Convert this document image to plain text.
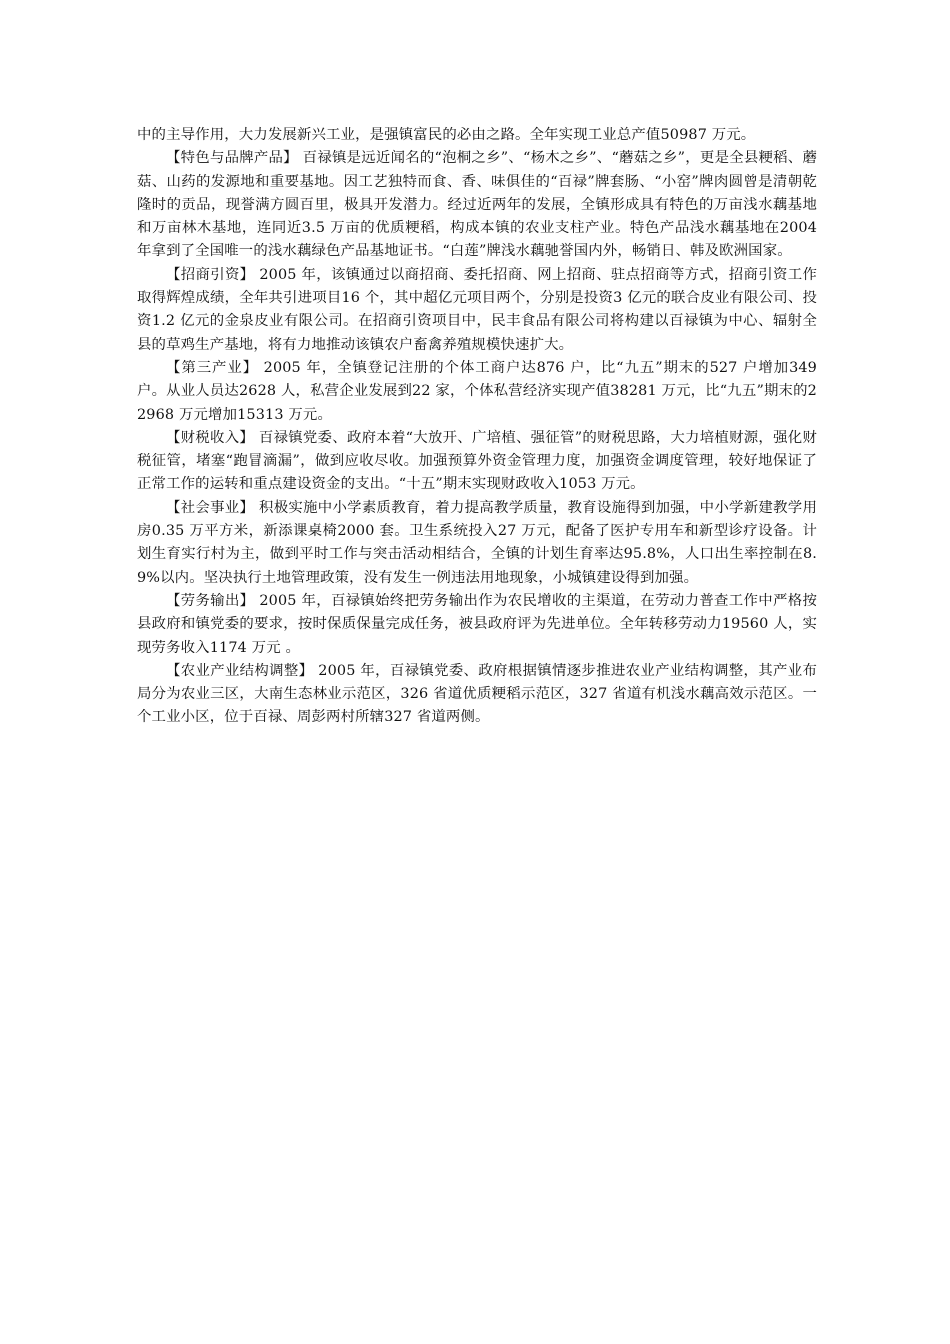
中的主导作用，大力发展新兴工业，是强镇富民的必由之路。全年实现工业总产值50987 万元。

【特色与品牌产品】 百禄镇是远近闻名的“泡桐之乡”、“杨木之乡”、“蘑菇之乡”，更是全县粳稻、蘑菇、山药的发源地和重要基地。因工艺独特而食、香、味俱佳的“百禄”牌套肠、“小窑”牌肉圆曾是清朝乾隆时的贡品，现誉满方圆百里，极具开发潜力。经过近两年的发展，全镇形成具有特色的万亩浅水藕基地和万亩林木基地，连同近3.5 万亩的优质粳稻，构成本镇的农业支柱产业。特色产品浅水藕基地在2004 年拿到了全国唯一的浅水藕绿色产品基地证书。“白莲”牌浅水藕驰誉国内外，畅销日、韩及欧洲国家。

【招商引资】 2005 年，该镇通过以商招商、委托招商、网上招商、驻点招商等方式，招商引资工作取得辉煌成绩，全年共引进项目16 个，其中超亿元项目两个，分别是投资3 亿元的联合皮业有限公司、投资1.2 亿元的金泉皮业有限公司。在招商引资项目中，民丰食品有限公司将构建以百禄镇为中心、辐射全县的草鸡生产基地，将有力地推动该镇农户畜禽养殖规模快速扩大。

【第三产业】 2005 年，全镇登记注册的个体工商户达876 户，比“九五”期末的527 户增加349 户。从业人员达2628 人，私营企业发展到22 家，个体私营经济实现产值38281 万元，比“九五”期末的22968 万元增加15313 万元。

【财税收入】 百禄镇党委、政府本着“大放开、广培植、强征管”的财税思路，大力培植财源，强化财税征管，堵塞“跑冒滴漏”，做到应收尽收。加强预算外资金管理力度，加强资金调度管理，较好地保证了正常工作的运转和重点建设资金的支出。“十五”期末实现财政收入1053 万元。

【社会事业】 积极实施中小学素质教育，着力提高教学质量，教育设施得到加强，中小学新建教学用房0.35 万平方米，新添课桌椅2000 套。卫生系统投入27 万元，配备了医护专用车和新型诊疗设备。计划生育实行村为主，做到平时工作与突击活动相结合，全镇的计划生育率达95.8%，人口出生率控制在8.9%以内。坚决执行土地管理政策，没有发生一例违法用地现象，小城镇建设得到加强。

【劳务输出】 2005 年，百禄镇始终把劳务输出作为农民增收的主渠道，在劳动力普查工作中严格按县政府和镇党委的要求，按时保质保量完成任务，被县政府评为先进单位。全年转移劳动力19560 人，实现劳务收入1174 万元 。

【农业产业结构调整】 2005 年，百禄镇党委、政府根据镇情逐步推进农业产业结构调整，其产业布局分为农业三区，大南生态林业示范区，326 省道优质粳稻示范区，327 省道有机浅水藕高效示范区。一个工业小区，位于百禄、周彭两村所辖327 省道两侧。
